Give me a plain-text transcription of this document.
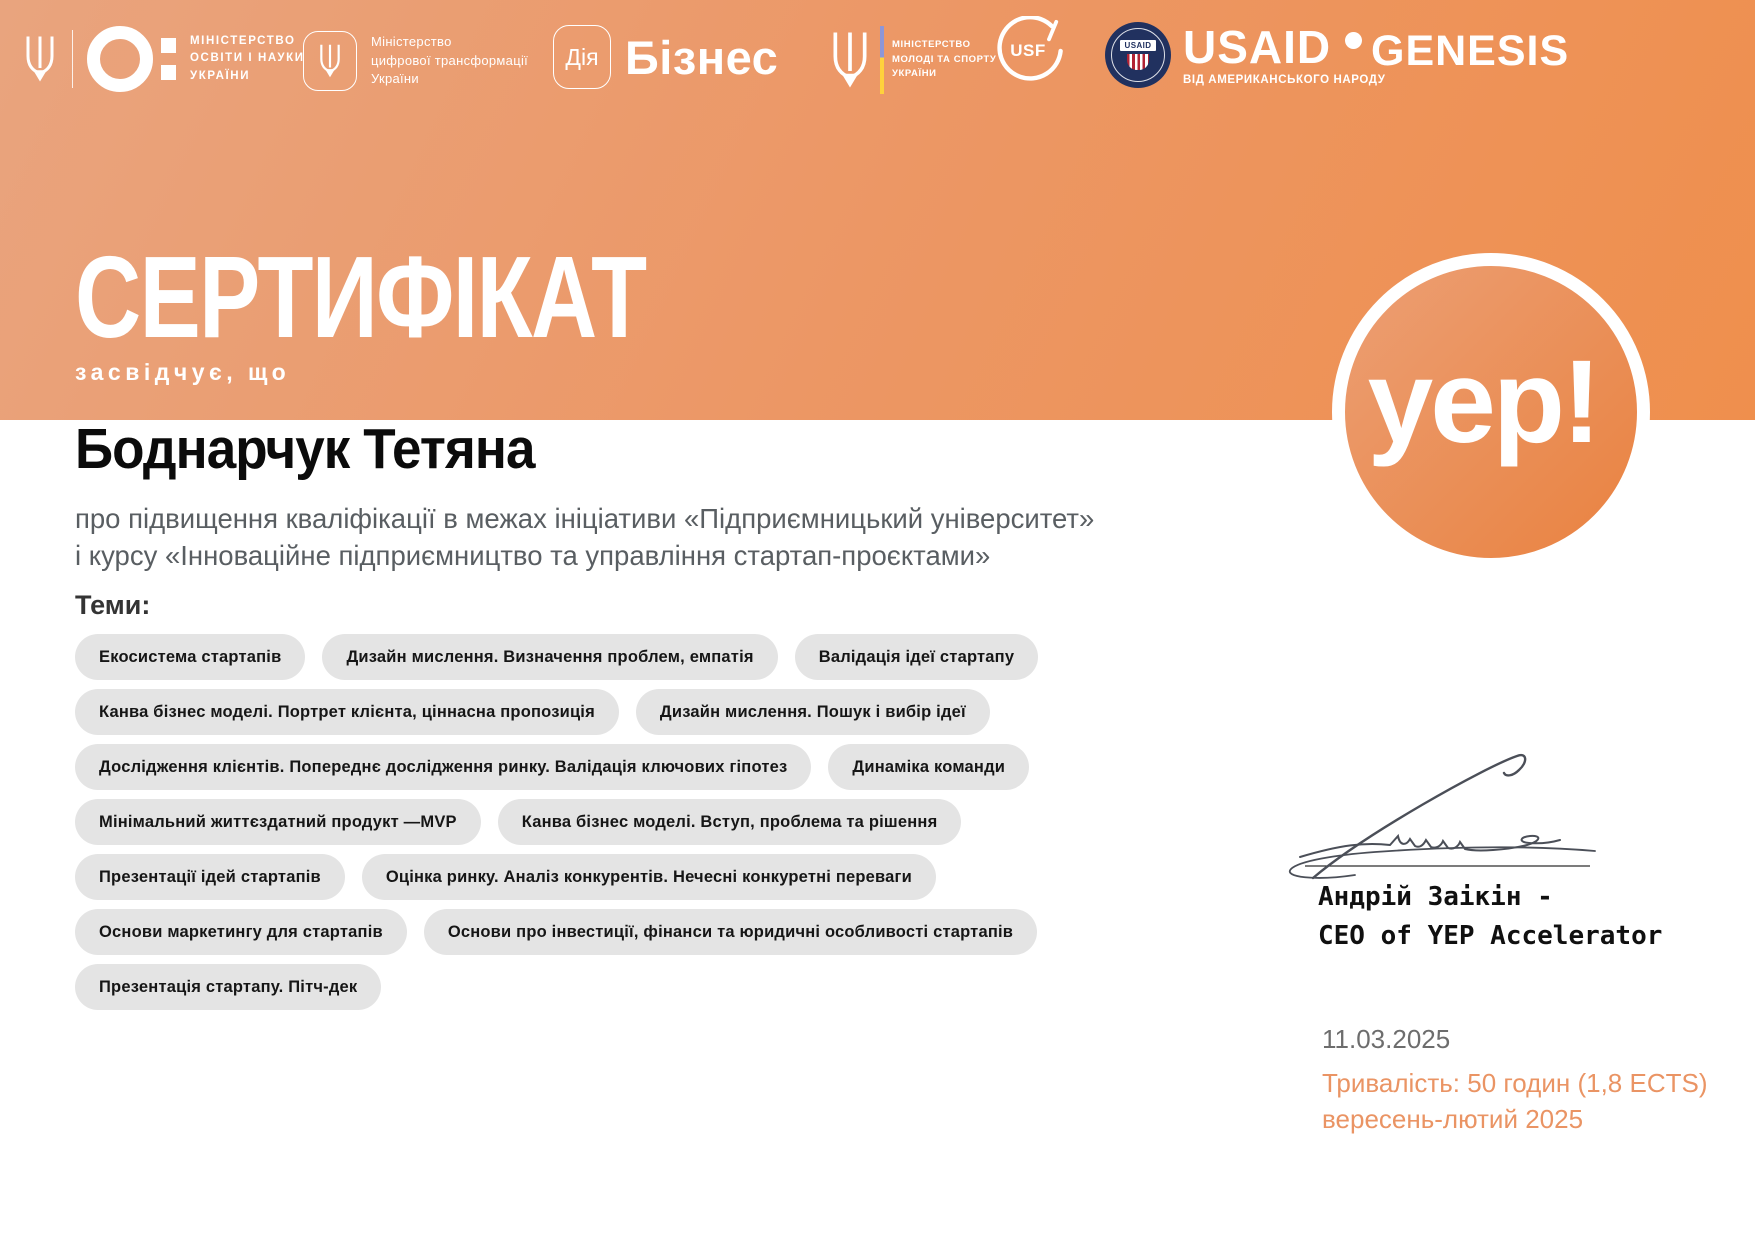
МІНІСТЕРСТВО
ОСВІТИ І НАУКИ
УКРАЇНИ
Міністерство
цифрової трансформації
України
Дія Бізнес	МІНІСТЕРСТВО
МОЛОДІ ТА СПОРТУ
УКРАЇНИ
USF	USAID USAID
ВІД АМЕРИКАНСЬКОГО НАРОДУ
GENESIS
СЕРТИФІКАТ
засвідчує, що	yep!
Боднарчук Тетяна
про підвищення кваліфікації в межах ініціативи «Підприємницький університет»
і курсу «Інноваційне підприємництво та управління стартап-проєктами»
Теми:
Екосистема стартапів	Дизайн мислення. Визначення проблем, емпатія	Валідація ідеї стартапу
Канва бізнес моделі. Портрет клієнта, ціннасна пропозиція	Дизайн мислення. Пошук і вибір ідеї
Дослідження клієнтів. Попереднє дослідження ринку. Валідація ключових гіпотез	Динаміка команди
Мінімальний життєздатний продукт —MVP	Канва бізнес моделі. Вступ, проблема та рішення
Презентації ідей стартапів	Оцінка ринку. Аналіз конкурентів. Нечесні конкуретні переваги
Основи маркетингу для стартапів	Основи про інвестиції, фінанси та юридичні особливості стартапів
Презентація стартапу. Пітч-дек
Андрій Заікін -
CEO of YEP Accelerator
11.03.2025
Тривалість: 50 годин (1,8 ECTS)
вересень-лютий 2025
